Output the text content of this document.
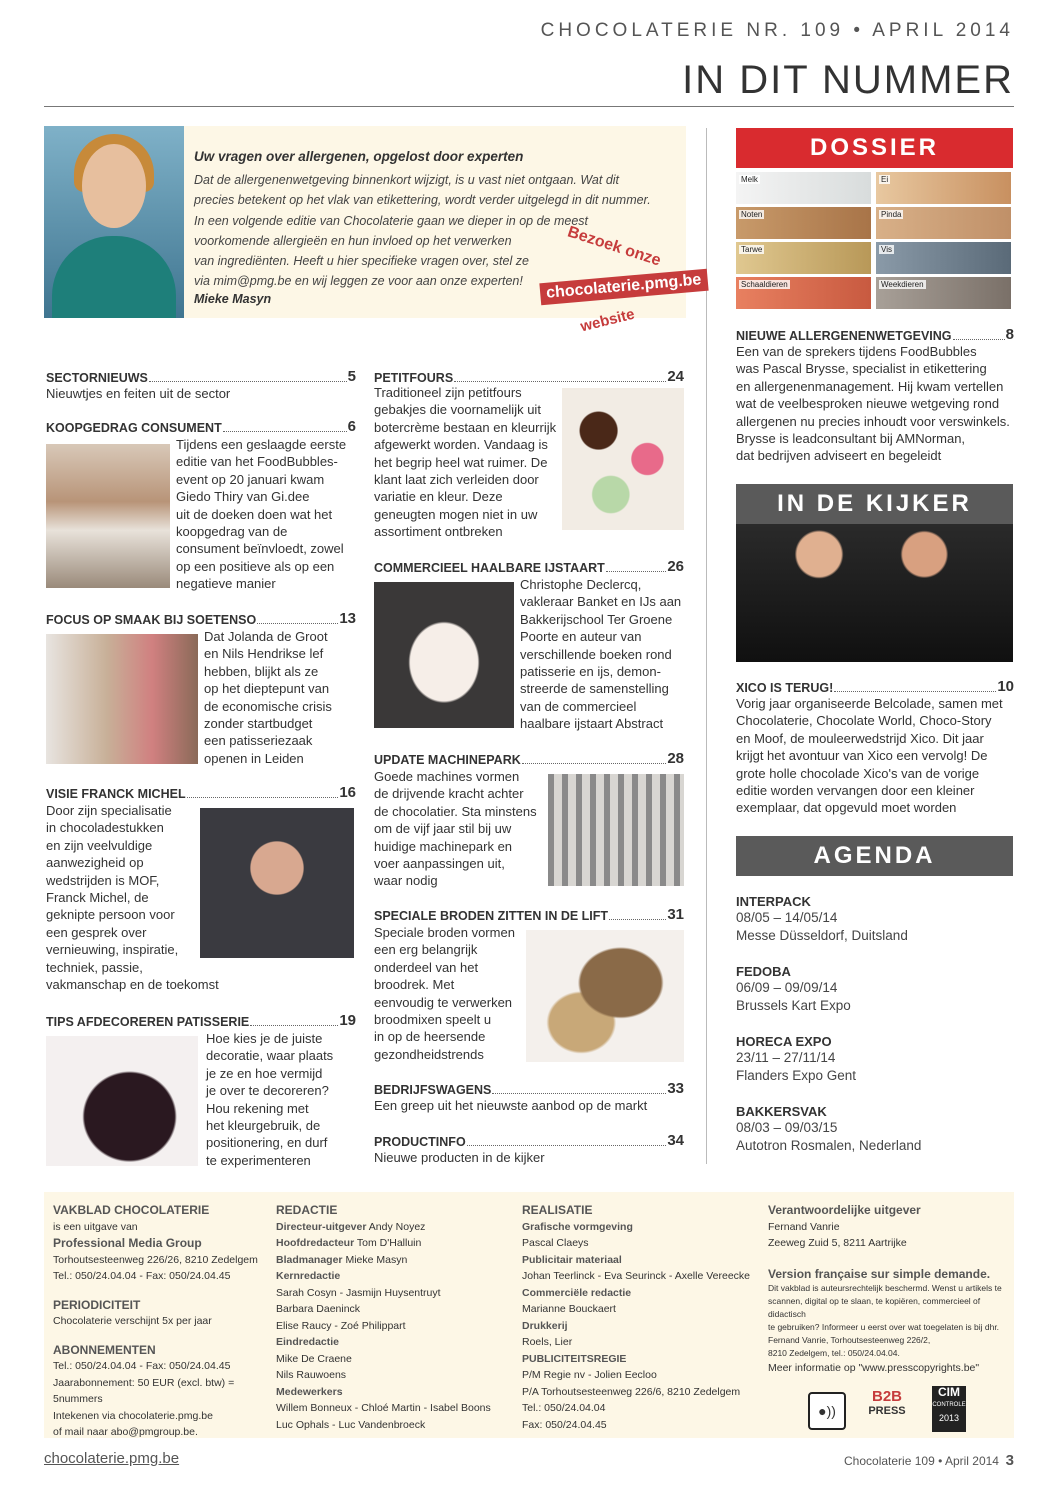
CHOCOLATERIE NR. 109 • APRIL 2014
IN DIT NUMMER
Uw vragen over allergenen, opgelost door experten
Dat de allergenenwetgeving binnenkort wijzigt, is u vast niet ontgaan. Wat dit
precies betekent op het vlak van etikettering, wordt verder uitgelegd in dit nummer.
In een volgende editie van Chocolaterie gaan we dieper in op de meest
voorkomende allergieën en hun invloed op het verwerken
van ingrediënten. Heeft u hier specifieke vragen over, stel ze
via mim@pmg.be en wij leggen ze voor aan onze experten!
Mieke Masyn
Bezoek onze
chocolaterie.pmg.be
website
SECTORNIEUWS	5
Nieuwtjes en feiten uit de sector
KOOPGEDRAG CONSUMENT	6
Tijdens een geslaagde eerste
editie van het FoodBubbles-
event op 20 januari kwam
Giedo Thiry van Gi.dee
uit de doeken doen wat het
koopgedrag van de
consument beïnvloedt, zowel
op een positieve als op een
negatieve manier
FOCUS OP SMAAK BIJ SOETENSO	13
Dat Jolanda de Groot
en Nils Hendrikse lef
hebben, blijkt als ze
op het dieptepunt van
de economische crisis
zonder startbudget
een patisseriezaak
openen in Leiden
VISIE FRANCK MICHEL	16
Door zijn specialisatie
in chocoladestukken
en zijn veelvuldige
aanwezigheid op
wedstrijden is MOF,
Franck Michel, de
geknipte persoon voor
een gesprek over
vernieuwing, inspiratie,
techniek, passie,
vakmanschap en de toekomst
TIPS AFDECOREREN PATISSERIE	19
Hoe kies je de juiste
decoratie, waar plaats
je ze en hoe vermijd
je over te decoreren?
Hou rekening met
het kleurgebruik, de
positionering, en durf
te experimenteren
PETITFOURS	24
Traditioneel zijn petitfours
gebakjes die voornamelijk uit
botercrème bestaan en kleurrijk
afgewerkt worden. Vandaag is
het begrip heel wat ruimer. De
klant laat zich verleiden door
variatie en kleur. Deze
geneugten mogen niet in uw
assortiment ontbreken
COMMERCIEEL HAALBARE IJSTAART	26
Christophe Declercq,
vakleraar Banket en IJs aan
Bakkerijschool Ter Groene
Poorte en auteur van
verschillende boeken rond
patisserie en ijs, demon-
streerde de samenstelling
van de commercieel
haalbare ijstaart Abstract
UPDATE MACHINEPARK	28
Goede machines vormen
de drijvende kracht achter
de chocolatier. Sta minstens
om de vijf jaar stil bij uw
huidige machinepark en
voer aanpassingen uit,
waar nodig
SPECIALE BRODEN ZITTEN IN DE LIFT	31
Speciale broden vormen
een erg belangrijk
onderdeel van het
broodrek. Met
eenvoudig te verwerken
broodmixen speelt u
in op de heersende
gezondheidstrends
BEDRIJFSWAGENS	33
Een greep uit het nieuwste aanbod op de markt
PRODUCTINFO	34
Nieuwe producten in de kijker
DOSSIER
Melk	Ei
Noten	Pinda
Tarwe	Vis
Schaaldieren	Weekdieren
NIEUWE ALLERGENENWETGEVING	8
Een van de sprekers tijdens FoodBubbles
was Pascal Brysse, specialist in etikettering
en allergenenmanagement. Hij kwam vertellen
wat de veelbesproken nieuwe wetgeving rond
allergenen nu precies inhoudt voor verswinkels.
Brysse is leadconsultant bij AMNorman,
dat bedrijven adviseert en begeleidt
IN DE KIJKER
XICO IS TERUG!	10
Vorig jaar organiseerde Belcolade, samen met
Chocolaterie, Chocolate World, Choco-Story
en Moof, de mouleerwedstrijd Xico. Dit jaar
krijgt het avontuur van Xico een vervolg! De
grote holle chocolade Xico's van de vorige
editie worden vervangen door een kleiner
exemplaar, dat opgevuld moet worden
AGENDA
INTERPACK
08/05 – 14/05/14
Messe Düsseldorf, Duitsland
FEDOBA
06/09 – 09/09/14
Brussels Kart Expo
HORECA EXPO
23/11 – 27/11/14
Flanders Expo Gent
BAKKERSVAK
08/03 – 09/03/15
Autotron Rosmalen, Nederland
VAKBLAD CHOCOLATERIE
is een uitgave van
Professional Media Group
Torhoutsesteenweg 226/26, 8210 Zedelgem
Tel.: 050/24.04.04 - Fax: 050/24.04.45
PERIODICITEIT
Chocolaterie verschijnt 5x per jaar
ABONNEMENTEN
Tel.: 050/24.04.04 - Fax: 050/24.04.45
Jaarabonnement: 50 EUR (excl. btw) = 5nummers
Intekenen via chocolaterie.pmg.be
of mail naar abo@pmgroup.be.
REDACTIE
Directeur-uitgever Andy Noyez
Hoofdredacteur Tom D'Halluin
Bladmanager Mieke Masyn
Kernredactie
Sarah Cosyn - Jasmijn Huysentruyt
Barbara Daeninck
Elise Raucy - Zoé Philippart
Eindredactie
Mike De Craene
Nils Rauwoens
Medewerkers
Willem Bonneux - Chloé Martin - Isabel Boons
Luc Ophals - Luc Vandenbroeck
REALISATIE
Grafische vormgeving
Pascal Claeys
Publicitair materiaal
Johan Teerlinck - Eva Seurinck - Axelle Vereecke
Commerciële redactie
Marianne Bouckaert
Drukkerij
Roels, Lier
PUBLICITEITSREGIE
P/M Regie nv - Jolien Eecloo
P/A Torhoutsesteenweg 226/6, 8210 Zedelgem
Tel.: 050/24.04.04
Fax: 050/24.04.45
Verantwoordelijke uitgever
Fernand Vanrie
Zeeweg Zuid 5, 8211 Aartrijke
Version française sur simple demande.
Dit vakblad is auteursrechtelijk beschermd. Wenst u artikels te
scannen, digital op te slaan, te kopiëren, commercieel of didactisch
te gebruiken? Informeer u eerst over wat toegelaten is bij dhr.
Fernand Vanrie, Torhoutsesteenweg 226/2,
8210 Zedelgem, tel.: 050/24.04.04.
Meer informatie op "www.presscopyrights.be"
●))
B2B
PRESS
CIM
CONTROLE
2013
chocolaterie.pmg.be	Chocolaterie 109 • April 2014 3
